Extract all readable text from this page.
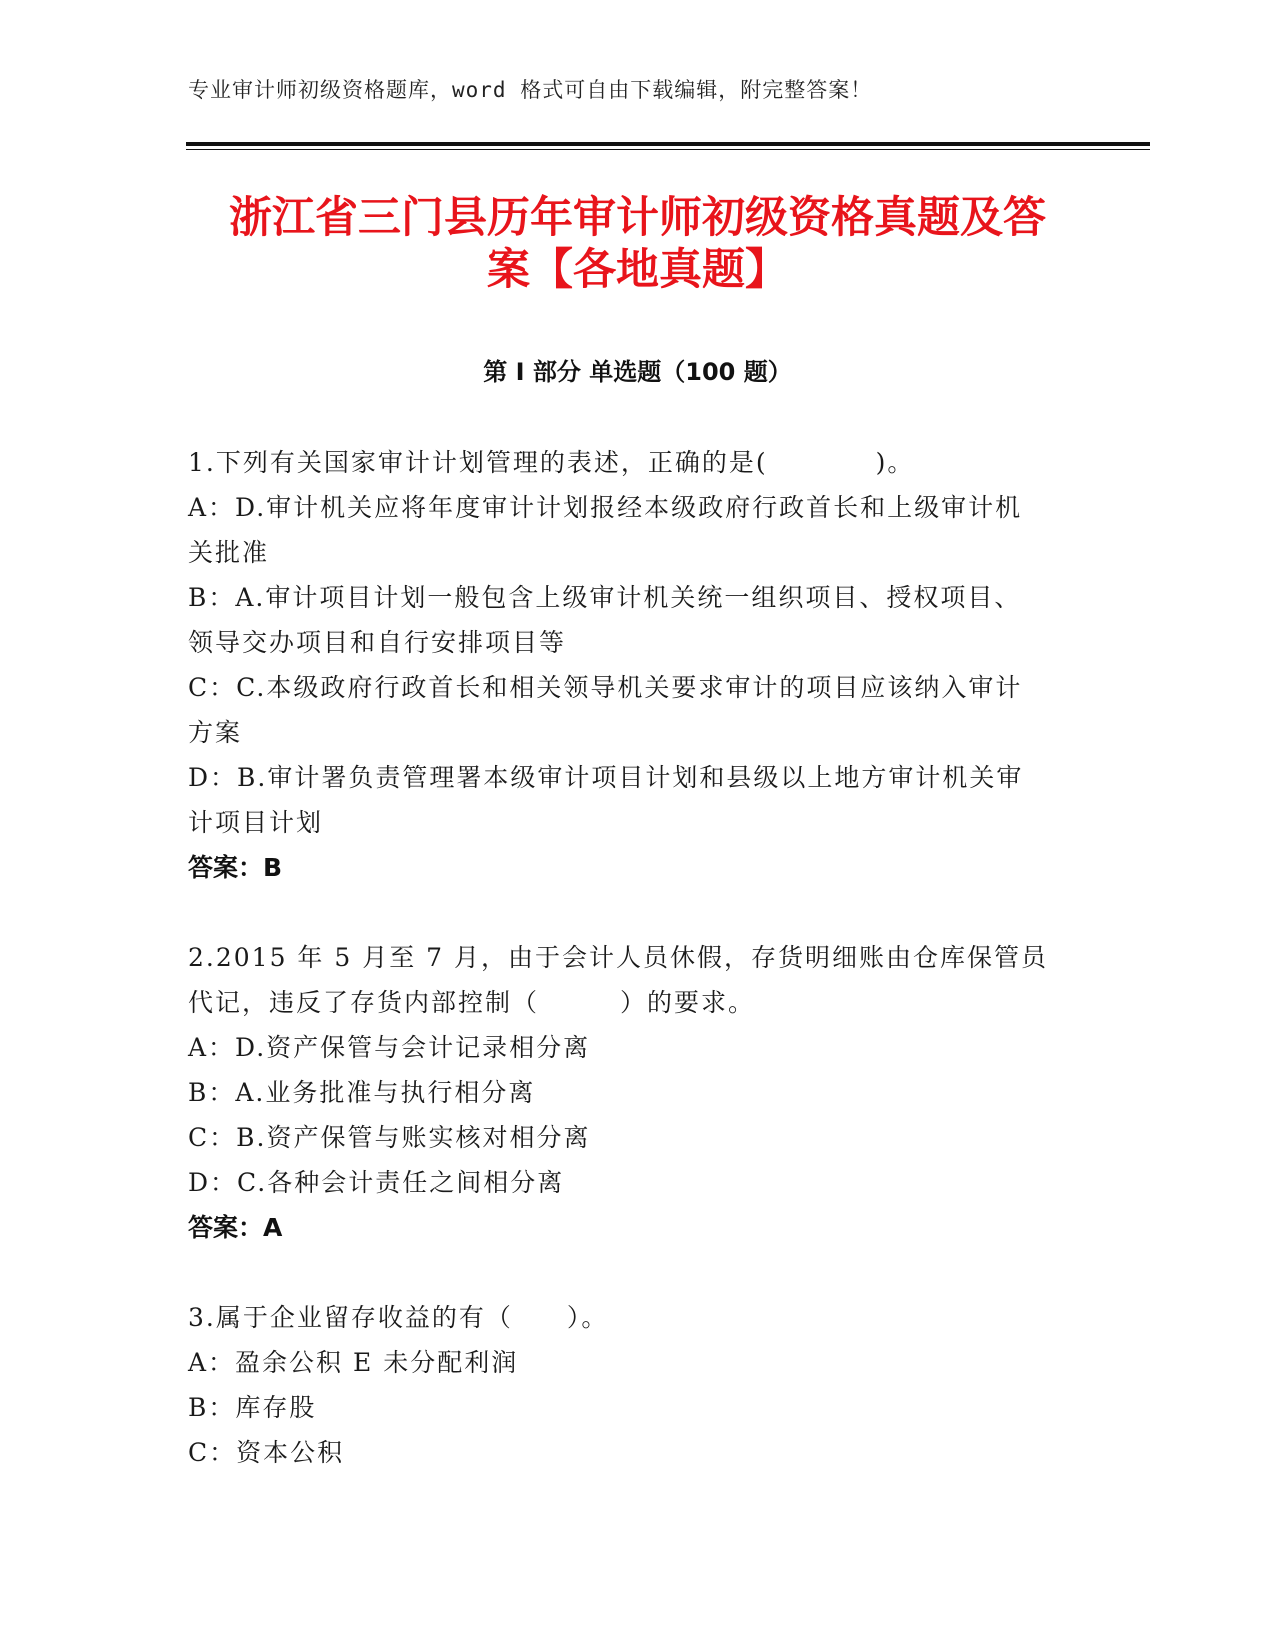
专业审计师初级资格题库，word 格式可自由下载编辑，附完整答案！
浙江省三门县历年审计师初级资格真题及答
案【各地真题】
第 I 部分 单选题（100 题）

1.下列有关国家审计计划管理的表述，正确的是(　　　　)。

A：D.审计机关应将年度审计计划报经本级政府行政首长和上级审计机

关批准

B：A.审计项目计划一般包含上级审计机关统一组织项目、授权项目、

领导交办项目和自行安排项目等

C：C.本级政府行政首长和相关领导机关要求审计的项目应该纳入审计

方案

D：B.审计署负责管理署本级审计项目计划和县级以上地方审计机关审

计项目计划

答案：B

2.2015 年 5 月至 7 月，由于会计人员休假，存货明细账由仓库保管员

代记，违反了存货内部控制（　　　）的要求。

A：D.资产保管与会计记录相分离

B：A.业务批准与执行相分离

C：B.资产保管与账实核对相分离

D：C.各种会计责任之间相分离

答案：A

3.属于企业留存收益的有（　　）。

A：盈余公积 E 未分配利润

B：库存股

C：资本公积
